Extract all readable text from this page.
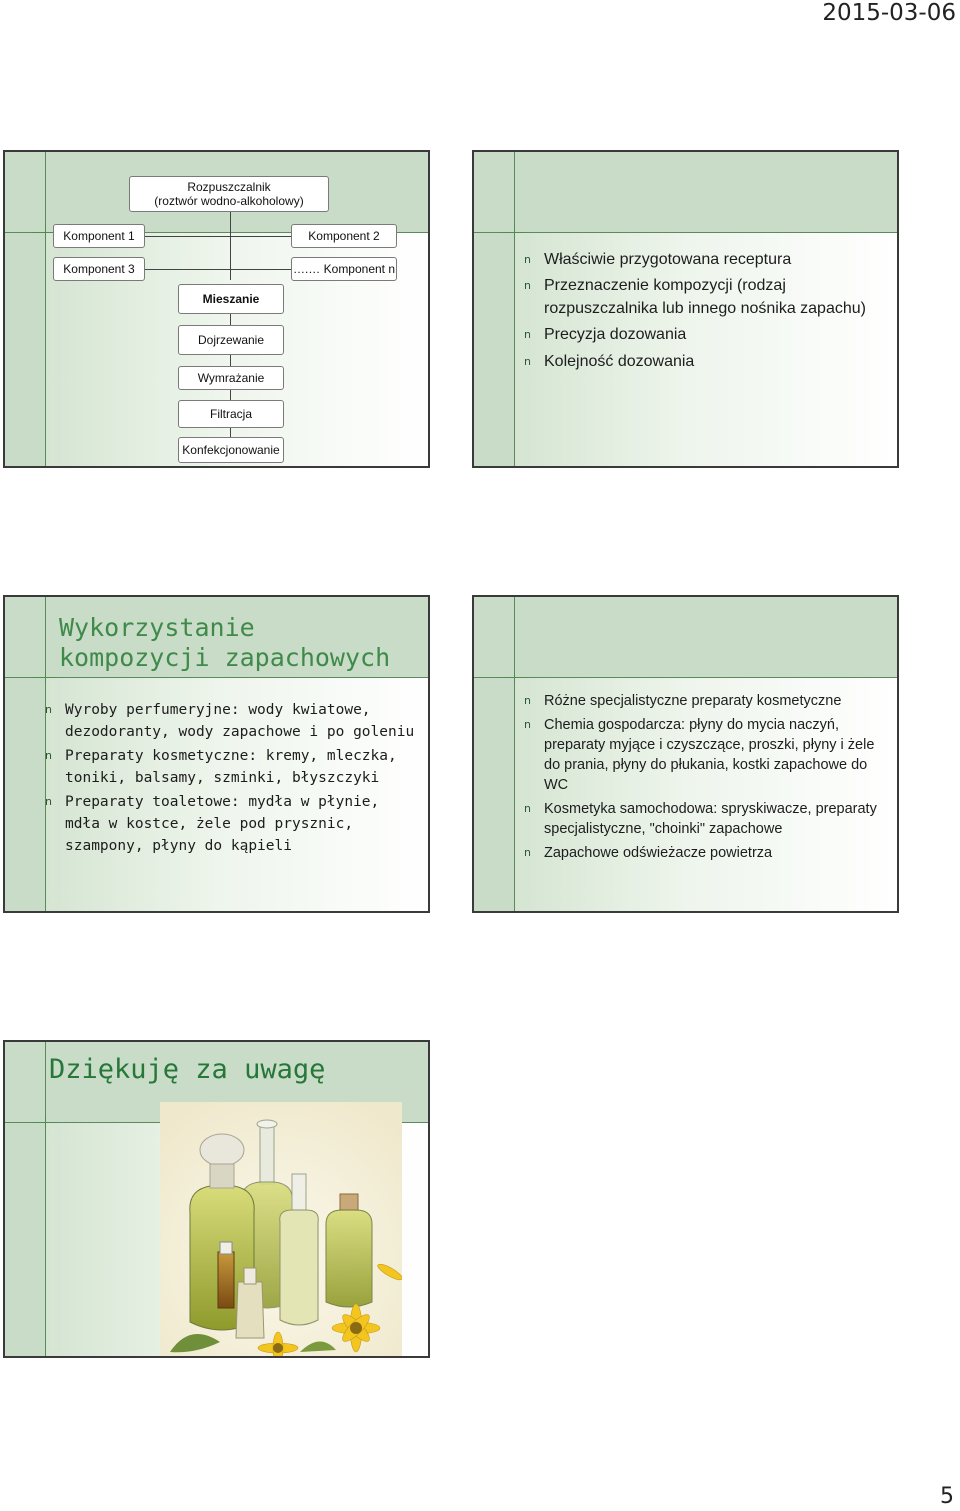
2015-03-06
Rozpuszczalnik
(roztwór wodno-alkoholowy)
Komponent 1	Komponent 2
Komponent 3	….… Komponent n
Mieszanie
Dojrzewanie
Wymrażanie
Filtracja
Konfekcjonowanie
n Właściwie przygotowana receptura
n Przeznaczenie kompozycji (rodzaj rozpuszczalnika lub innego nośnika zapachu)
n Precyzja dozowania
n Kolejność dozowania
Wykorzystanie
kompozycji zapachowych
n Wyroby perfumeryjne: wody kwiatowe, dezodoranty, wody zapachowe i po goleniu
n Preparaty kosmetyczne: kremy, mleczka, toniki, balsamy, szminki, błyszczyki
n Preparaty toaletowe: mydła w płynie, mdła w kostce, żele pod prysznic, szampony, płyny do kąpieli
n Różne specjalistyczne preparaty kosmetyczne
n Chemia gospodarcza: płyny do mycia naczyń, preparaty myjące i czyszczące, proszki, płyny i żele do prania, płyny do płukania, kostki zapachowe do WC
n Kosmetyka samochodowa: spryskiwacze, preparaty specjalistyczne, "choinki" zapachowe
n Zapachowe odświeżacze powietrza
Dziękuję za uwagę
5
